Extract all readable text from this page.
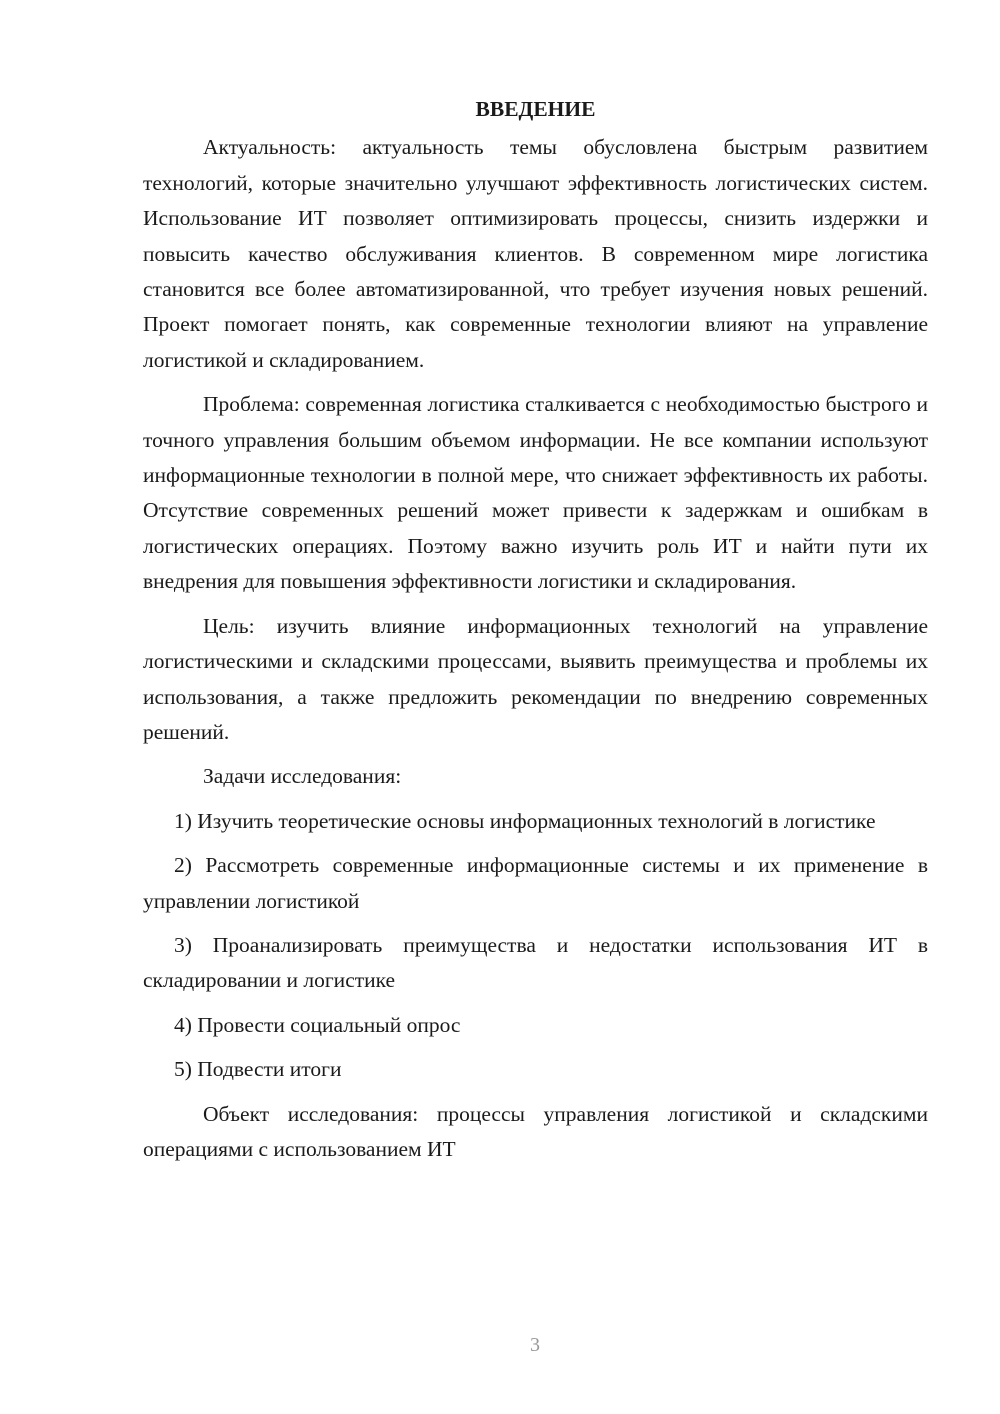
ВВЕДЕНИЕ

Актуальность: актуальность темы обусловлена быстрым развитием технологий, которые значительно улучшают эффективность логистических систем. Использование ИТ позволяет оптимизировать процессы, снизить издержки и повысить качество обслуживания клиентов. В современном мире логистика становится все более автоматизированной, что требует изучения новых решений. Проект помогает понять, как современные технологии влияют на управление логистикой и складированием.

Проблема: современная логистика сталкивается с необходимостью быстрого и точного управления большим объемом информации. Не все компании используют информационные технологии в полной мере, что снижает эффективность их работы. Отсутствие современных решений может привести к задержкам и ошибкам в логистических операциях. Поэтому важно изучить роль ИТ и найти пути их внедрения для повышения эффективности логистики и складирования.

Цель: изучить влияние информационных технологий на управление логистическими и складскими процессами, выявить преимущества и проблемы их использования, а также предложить рекомендации по внедрению современных решений.

Задачи исследования:

1) Изучить теоретические основы информационных технологий в логистике

2) Рассмотреть современные информационные системы и их применение в управлении логистикой

3) Проанализировать преимущества и недостатки использования ИТ в складировании и логистике

4) Провести социальный опрос

5) Подвести итоги

Объект исследования: процессы управления логистикой и складскими операциями с использованием ИТ

3
